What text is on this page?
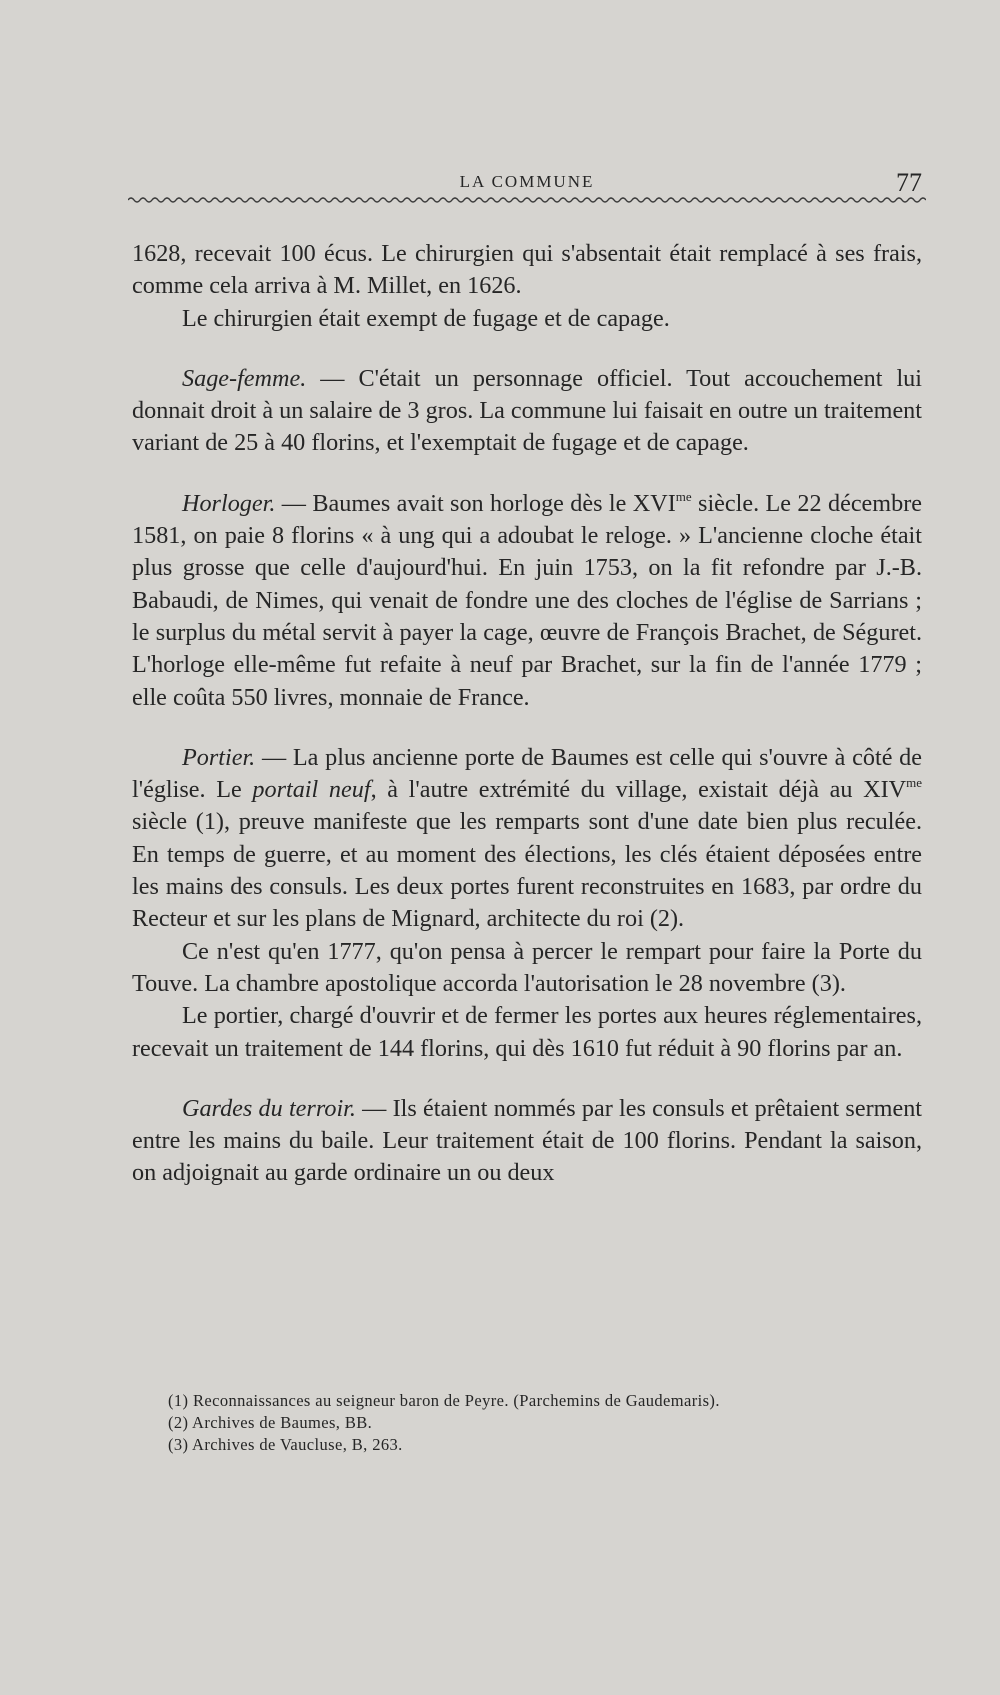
LA COMMUNE	77

1628, recevait 100 écus. Le chirurgien qui s'absentait était remplacé à ses frais, comme cela arriva à M. Millet, en 1626.

Le chirurgien était exempt de fugage et de capage.

Sage-femme. — C'était un personnage officiel. Tout accouchement lui donnait droit à un salaire de 3 gros. La commune lui faisait en outre un traitement variant de 25 à 40 florins, et l'exemptait de fugage et de capage.

Horloger. — Baumes avait son horloge dès le $XVI^{me}$ siècle. Le 22 décembre 1581, on paie 8 florins « à ung qui a adoubat le reloge. » L'ancienne cloche était plus grosse que celle d'aujourd'hui. En juin 1753, on la fit refondre par J.-B. Babaudi, de Nimes, qui venait de fondre une des cloches de l'église de Sarrians ; le surplus du métal servit à payer la cage, œuvre de François Brachet, de Séguret. L'horloge elle-même fut refaite à neuf par Brachet, sur la fin de l'année 1779 ; elle coûta 550 livres, monnaie de France.

Portier. — La plus ancienne porte de Baumes est celle qui s'ouvre à côté de l'église. Le portail neuf, à l'autre extrémité du village, existait déjà au $XIV^{me}$ siècle (1), preuve manifeste que les remparts sont d'une date bien plus reculée. En temps de guerre, et au moment des élections, les clés étaient déposées entre les mains des consuls. Les deux portes furent reconstruites en 1683, par ordre du Recteur et sur les plans de Mignard, architecte du roi (2).

Ce n'est qu'en 1777, qu'on pensa à percer le rempart pour faire la Porte du Touve. La chambre apostolique accorda l'autorisation le 28 novembre (3).

Le portier, chargé d'ouvrir et de fermer les portes aux heures réglementaires, recevait un traitement de 144 florins, qui dès 1610 fut réduit à 90 florins par an.

Gardes du terroir. — Ils étaient nommés par les consuls et prêtaient serment entre les mains du baile. Leur traitement était de 100 florins. Pendant la saison, on adjoignait au garde ordinaire un ou deux

(1) Reconnaissances au seigneur baron de Peyre. (Parchemins de Gaudemaris).
(2) Archives de Baumes, BB.
(3) Archives de Vaucluse, B, 263.
